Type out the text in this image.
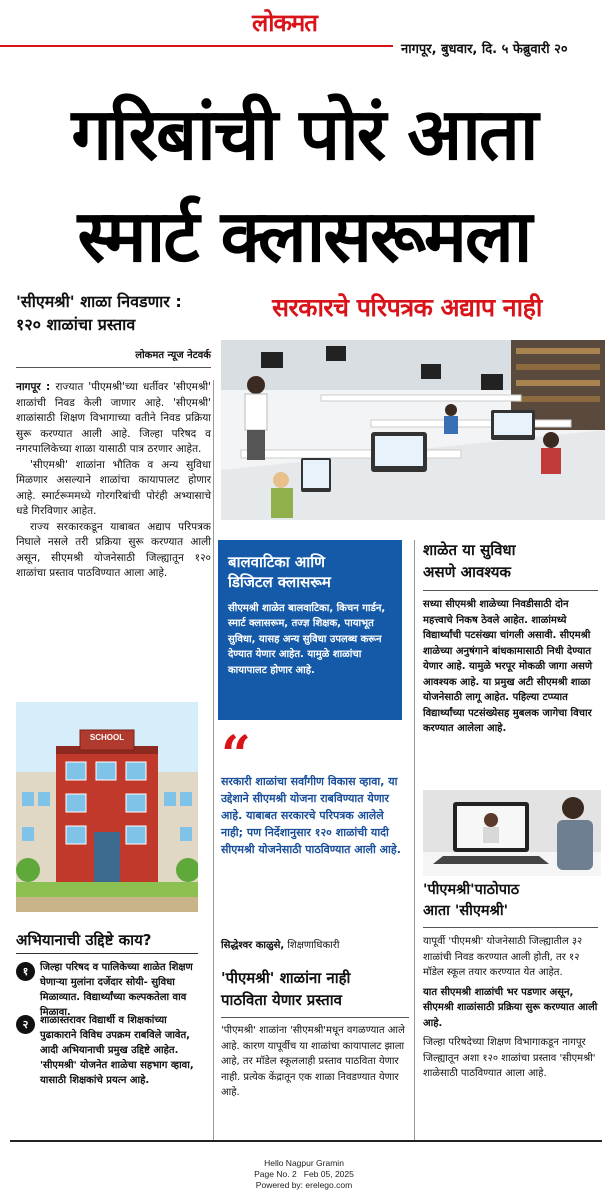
लोकमत
नागपूर, बुधवार, दि. ५ फेब्रुवारी २०
गरिबांची पोरं आता
स्मार्ट क्लासरूमला
'सीएमश्री' शाळा निवडणार :
१२० शाळांचा प्रस्ताव
लोकमत न्यूज नेटवर्क

नागपूर : राज्यात 'पीएमश्री'च्या धर्तीवर 'सीएमश्री' शाळांची निवड केली जाणार आहे. 'सीएमश्री' शाळांसाठी शिक्षण विभागाच्या वतीने निवड प्रक्रिया सुरू करण्यात आली आहे. जिल्हा परिषद व नगरपालिकेच्या शाळा यासाठी पात्र ठरणार आहेत.

'सीएमश्री' शाळांना भौतिक व अन्य सुविधा मिळणार असल्याने शाळांचा कायापालट होणार आहे. स्मार्टरूममध्ये गोरगरिबांची पोरंही अभ्यासाचे धडे गिरविणार आहेत.

राज्य सरकारकडून याबाबत अद्याप परिपत्रक निघाले नसले तरी प्रक्रिया सुरू करण्यात आली असून, सीएमश्री योजनेसाठी जिल्ह्यातून १२० शाळांचा प्रस्ताव पाठविण्यात आला आहे.

सरकारचे परिपत्रक अद्याप नाही
SCHOOL
बालवाटिका आणि
डिजिटल क्लासरूम
सीएमश्री शाळेत बालवाटिका, किचन गार्डन, स्मार्ट क्लासरूम, तज्ज्ञ शिक्षक, पायाभूत सुविधा, यासह अन्य सुविधा उपलब्ध करून देण्यात येणार आहेत. यामुळे शाळांचा कायापालट होणार आहे.
“
सरकारी शाळांचा सर्वांगीण विकास व्हावा, या उद्देशाने सीएमश्री योजना राबविण्यात येणार आहे. याबाबत सरकारचे परिपत्रक आलेले नाही; पण निर्देशानुसार १२० शाळांची यादी सीएमश्री योजनेसाठी पाठविण्यात आली आहे.
सिद्धेश्वर काळुसे, शिक्षणाधिकारी
अभियानाची उद्दिष्टे काय?
१	जिल्हा परिषद व पालिकेच्या शाळेत शिक्षण घेणाऱ्या मुलांना दर्जेदार सोयी- सुविधा मिळाव्यात. विद्यार्थ्यांच्या कल्पकतेला वाव मिळावा.
२	शाळास्तरावर विद्यार्थी व शिक्षकांच्या पुढाकाराने विविध उपक्रम राबविले जावेत, आदी अभियानाची प्रमुख उद्दिष्टे आहेत. 'सीएमश्री' योजनेत शाळेचा सहभाग व्हावा, यासाठी शिक्षकांचे प्रयत्न आहे.
शाळेत या सुविधा
असणे आवश्यक
सध्या सीएमश्री शाळेच्या निवडीसाठी दोन महत्त्वाचे निकष ठेवले आहेत. शाळांमध्ये विद्यार्थ्यांची पटसंख्या चांगली असावी. सीएमश्री शाळेच्या अनुषंगाने बांधकामासाठी निधी देण्यात येणार आहे. यामुळे भरपूर मोकळी जागा असणे आवश्यक आहे. या प्रमुख अटी सीएमश्री शाळा योजनेसाठी लागू आहेत. पहिल्या टप्प्यात विद्यार्थ्यांच्या पटसंख्येसह मुबलक जागेचा विचार करण्यात आलेला आहे.
'पीएमश्री'पाठोपाठ
आता 'सीएमश्री'

यापूर्वी 'पीएमश्री' योजनेसाठी जिल्ह्यातील ३२ शाळांची निवड करण्यात आली होती, तर १२ मॉडेल स्कूल तयार करण्यात येत आहेत.

यात सीएमश्री शाळांची भर पडणार असून, सीएमश्री शाळांसाठी प्रक्रिया सुरू करण्यात आली आहे.

जिल्हा परिषदेच्या शिक्षण विभागाकडून नागपूर जिल्ह्यातून अशा १२० शाळांचा प्रस्ताव 'सीएमश्री' शाळेसाठी पाठविण्यात आला आहे.

'पीएमश्री' शाळांना नाही
पाठविता येणार प्रस्ताव
'पीएमश्री' शाळांना 'सीएमश्री'मधून वगळण्यात आले आहे. कारण यापूर्वीच या शाळांचा कायापालट झाला आहे, तर मॉडेल स्कूललाही प्रस्ताव पाठविता येणार नाही. प्रत्येक केंद्रातून एक शाळा निवडण्यात येणार आहे.
Hello Nagpur Gramin
Page No. 2   Feb 05, 2025
Powered by: erelego.com
